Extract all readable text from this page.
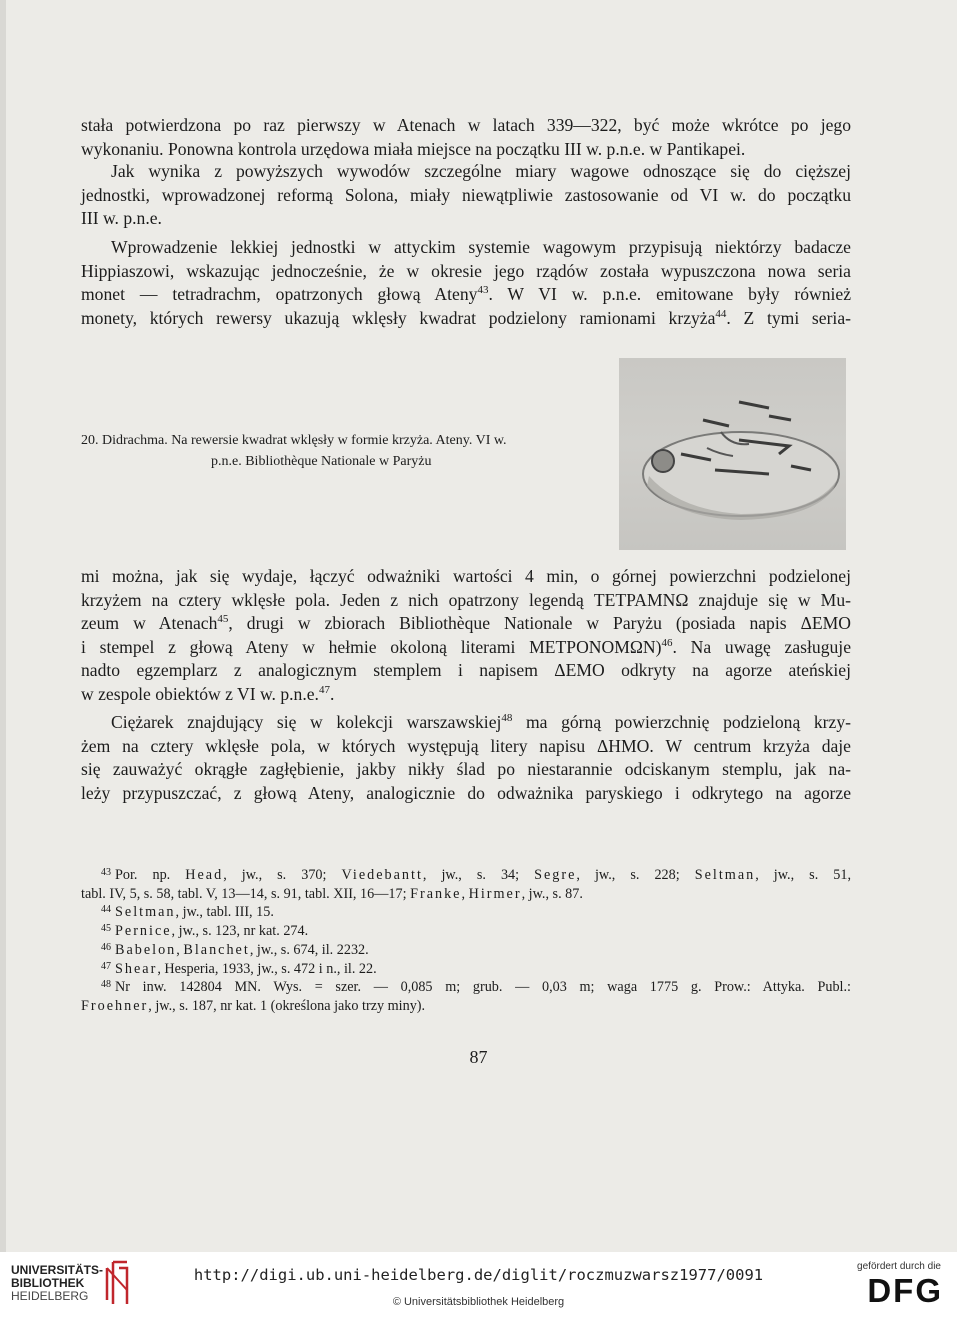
stała potwierdzona po raz pierwszy w Atenach w latach 339—322, być może wkrótce po jego
wykonaniu. Ponowna kontrola urzędowa miała miejsce na początku III w. p.n.e. w Pantikapei.

Jak wynika z powyższych wywodów szczególne miary wagowe odnoszące się do cięższej
jednostki, wprowadzonej reformą Solona, miały niewątpliwie zastosowanie od VI w. do początku
III w. p.n.e.

Wprowadzenie lekkiej jednostki w attyckim systemie wagowym przypisują niektórzy badacze
Hippiaszowi, wskazując jednocześnie, że w okresie jego rządów została wypuszczona nowa seria
monet — tetradrachm, opatrzonych głową Ateny$^{43}$. W VI w. p.n.e. emitowane były również
monety, których rewersy ukazują wklęsły kwadrat podzielony ramionami krzyża$^{44}$. Z tymi seria-

20. Didrachma. Na rewersie kwadrat wklęsły w formie krzyża. Ateny. VI w.
p.n.e. Bibliothèque Nationale w Paryżu

mi można, jak się wydaje, łączyć odważniki wartości 4 min, o górnej powierzchni podzielonej
krzyżem na cztery wklęsłe pola. Jeden z nich opatrzony legendą ΤΕΤΡΑΜΝΩ znajduje się w Mu-
zeum w Atenach$^{45}$, drugi w zbiorach Bibliothèque Nationale w Paryżu (posiada napis ΔΕΜΟ
i stempel z głową Ateny w hełmie okoloną literami ΜΕΤΡΟΝΟΜΩΝ)$^{46}$. Na uwagę zasługuje
nadto egzemplarz z analogicznym stemplem i napisem ΔΕΜΟ odkryty na agorze ateńskiej
w zespole obiektów z VI w. p.n.e.$^{47}$.

Ciężarek znajdujący się w kolekcji warszawskiej$^{48}$ ma górną powierzchnię podzieloną krzy-
żem na cztery wklęsłe pola, w których występują litery napisu ΔΗΜΟ. W centrum krzyża daje
się zauważyć okrągłe zagłębienie, jakby nikły ślad po niestarannie odciskanym stemplu, jak na-
leży przypuszczać, z głową Ateny, analogicznie do odważnika paryskiego i odkrytego na agorze

$^{43}$ Por. np. Head, jw., s. 370; Viedebantt, jw., s. 34; Segre, jw., s. 228; Seltman, jw., s. 51,
tabl. IV, 5, s. 58, tabl. V, 13—14, s. 91, tabl. XII, 16—17; Franke, Hirmer, jw., s. 87.
$^{44}$ Seltman, jw., tabl. III, 15.
$^{45}$ Pernice, jw., s. 123, nr kat. 274.
$^{46}$ Babelon, Blanchet, jw., s. 674, il. 2232.
$^{47}$ Shear, Hesperia, 1933, jw., s. 472 i n., il. 22.
$^{48}$ Nr inw. 142804 MN. Wys. = szer. — 0,085 m; grub. — 0,03 m; waga 1775 g. Prow.: Attyka. Publ.:
Froehner, jw., s. 187, nr kat. 1 (określona jako trzy miny).
87
UNIVERSITÄTS-
BIBLIOTHEK
HEIDELBERG
http://digi.ub.uni-heidelberg.de/diglit/roczmuzwarsz1977/0091
© Universitätsbibliothek Heidelberg
gefördert durch die
DFG
